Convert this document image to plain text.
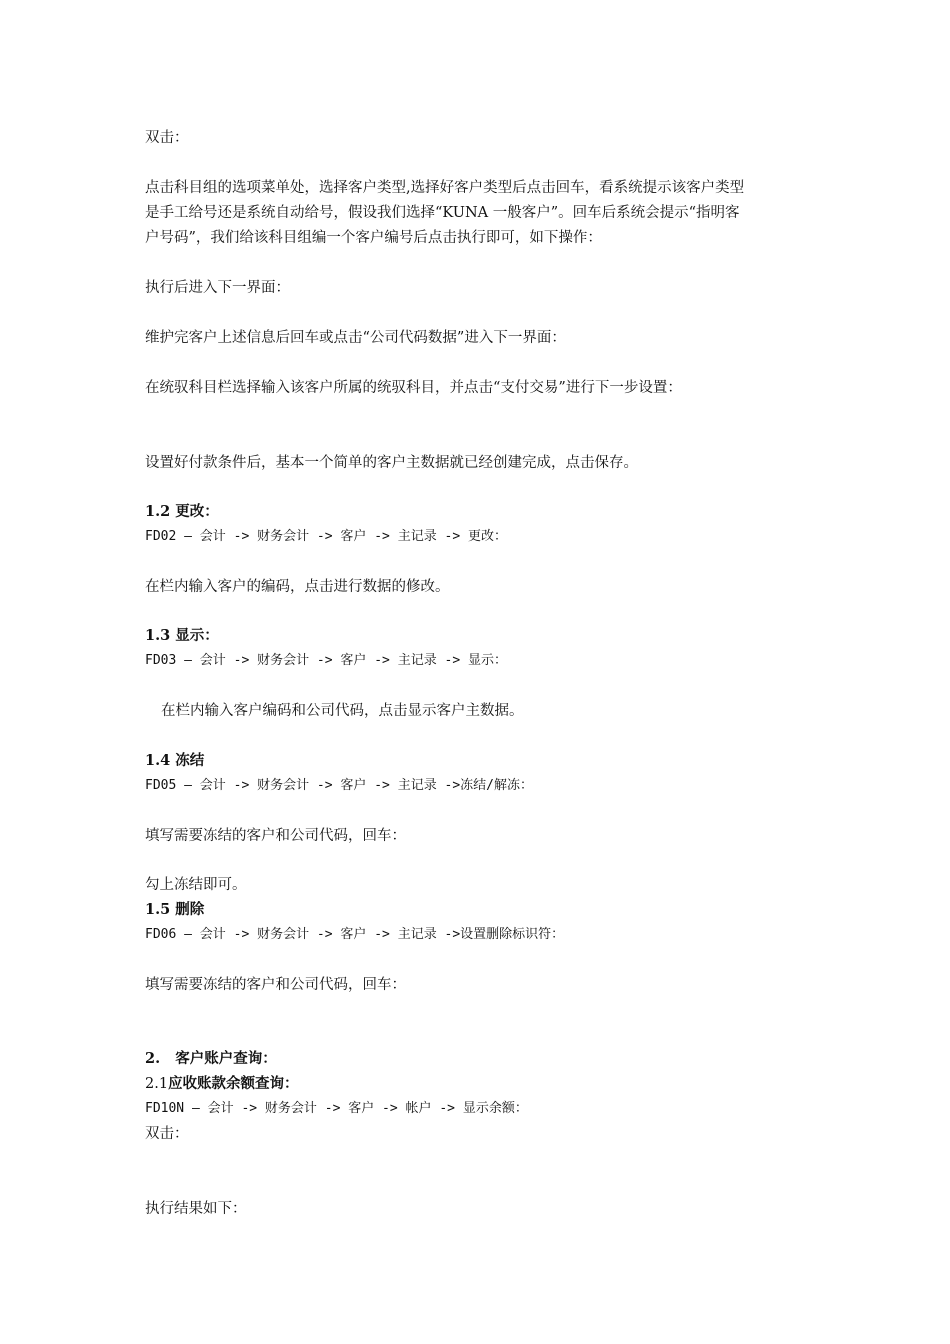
双击：
点击科目组的选项菜单处，选择客户类型,选择好客户类型后点击回车，看系统提示该客户类型
是手工给号还是系统自动给号，假设我们选择“KUNA 一般客户”。回车后系统会提示“指明客
户号码”，我们给该科目组编一个客户编号后点击执行即可，如下操作：
执行后进入下一界面：
维护完客户上述信息后回车或点击“公司代码数据”进入下一界面：
在统驭科目栏选择输入该客户所属的统驭科目，并点击“支付交易”进行下一步设置：
设置好付款条件后，基本一个简单的客户主数据就已经创建完成，点击保存。
1.2 更改：
FD02 – 会计 -> 财务会计 -> 客户 -> 主记录 -> 更改：
在栏内输入客户的编码，点击进行数据的修改。
1.3 显示：
FD03 – 会计 -> 财务会计 -> 客户 -> 主记录 -> 显示：
在栏内输入客户编码和公司代码，点击显示客户主数据。
1.4 冻结
FD05 – 会计 -> 财务会计 -> 客户 -> 主记录 ->冻结/解冻：
填写需要冻结的客户和公司代码，回车：
勾上冻结即可。
1.5 删除
FD06 – 会计 -> 财务会计 -> 客户 -> 主记录 ->设置删除标识符：
填写需要冻结的客户和公司代码，回车：
2.   客户账户查询：
2.1应收账款余额查询：
FD10N – 会计 -> 财务会计 -> 客户 -> 帐户 -> 显示余额：
双击：
执行结果如下：
